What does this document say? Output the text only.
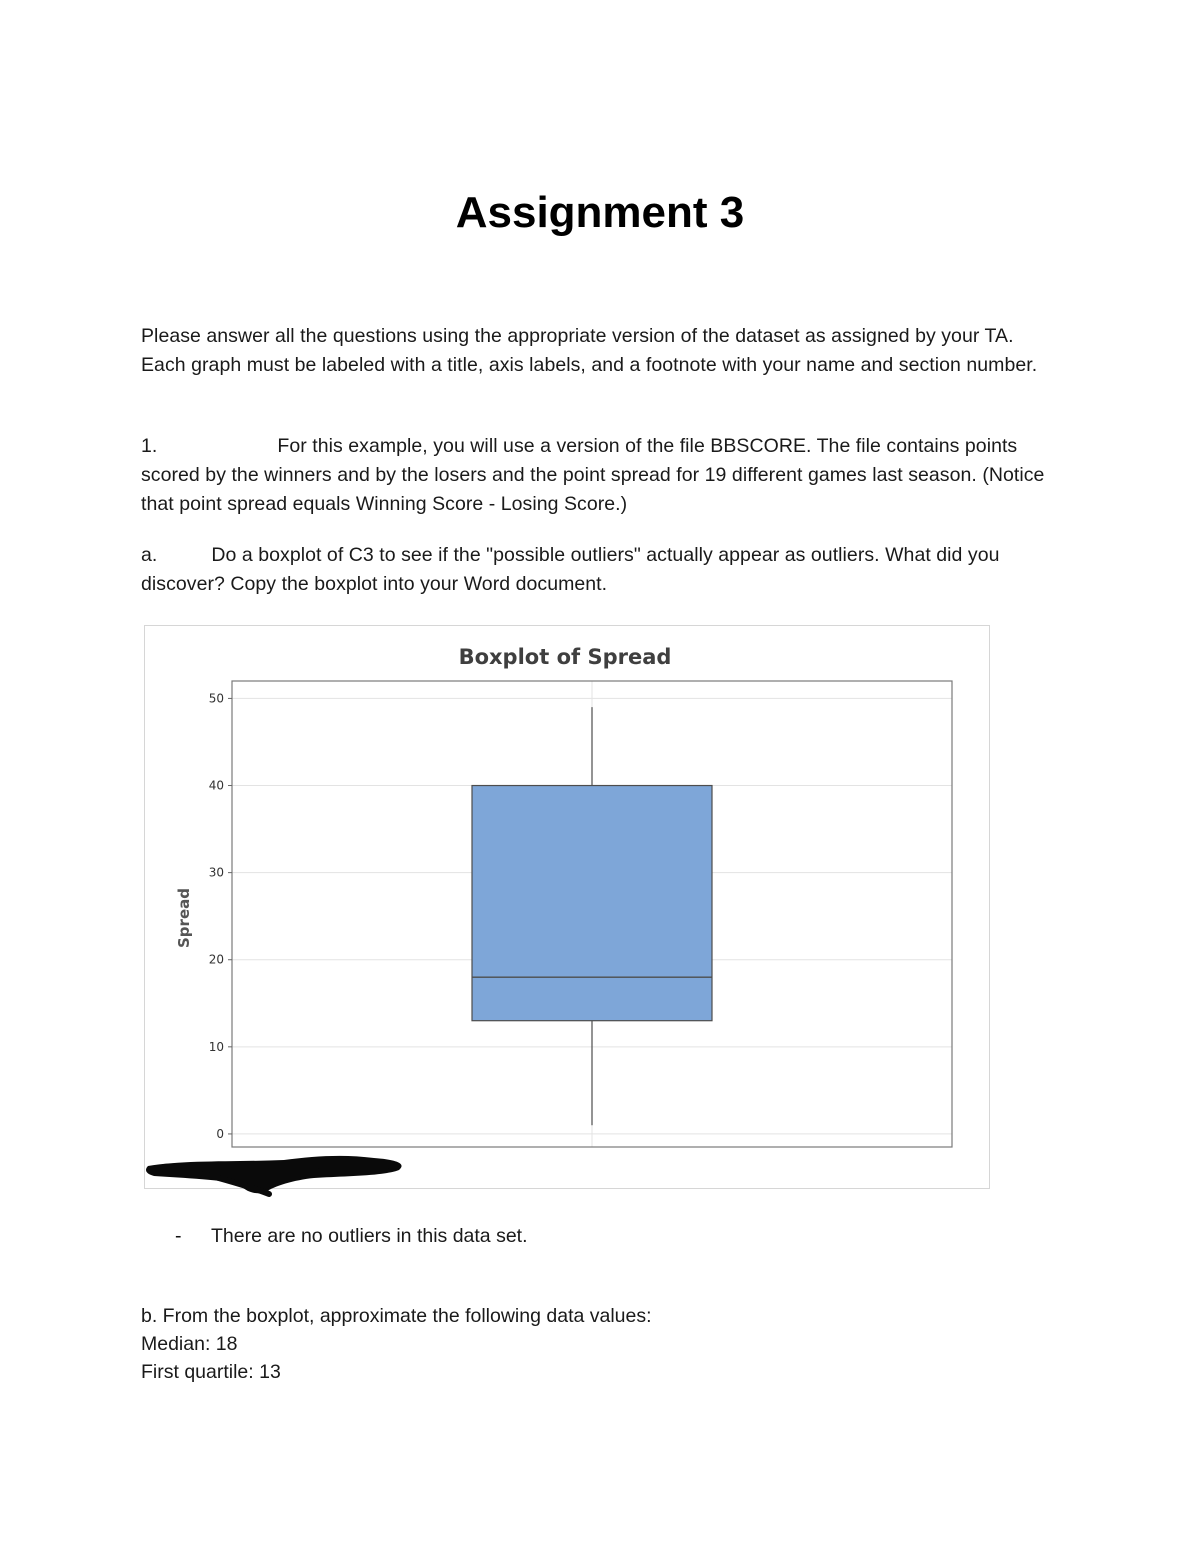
Assignment 3

Please answer all the questions using the appropriate version of the dataset as assigned by your TA. Each graph must be labeled with a title, axis labels, and a footnote with your name and section number.

1.	For this example, you will use a version of the file BBSCORE. The file contains points scored by the winners and by the losers and the point spread for 19 different games last season. (Notice that point spread equals Winning Score - Losing Score.)

a.	Do a boxplot of C3 to see if the "possible outliers" actually appear as outliers. What did you discover? Copy the boxplot into your Word document.

Boxplot of Spread
0
10
20
30
40
50
Spread
- There are no outliers in this data set.

b. From the boxplot, approximate the following data values:

Median: 18

First quartile: 13
